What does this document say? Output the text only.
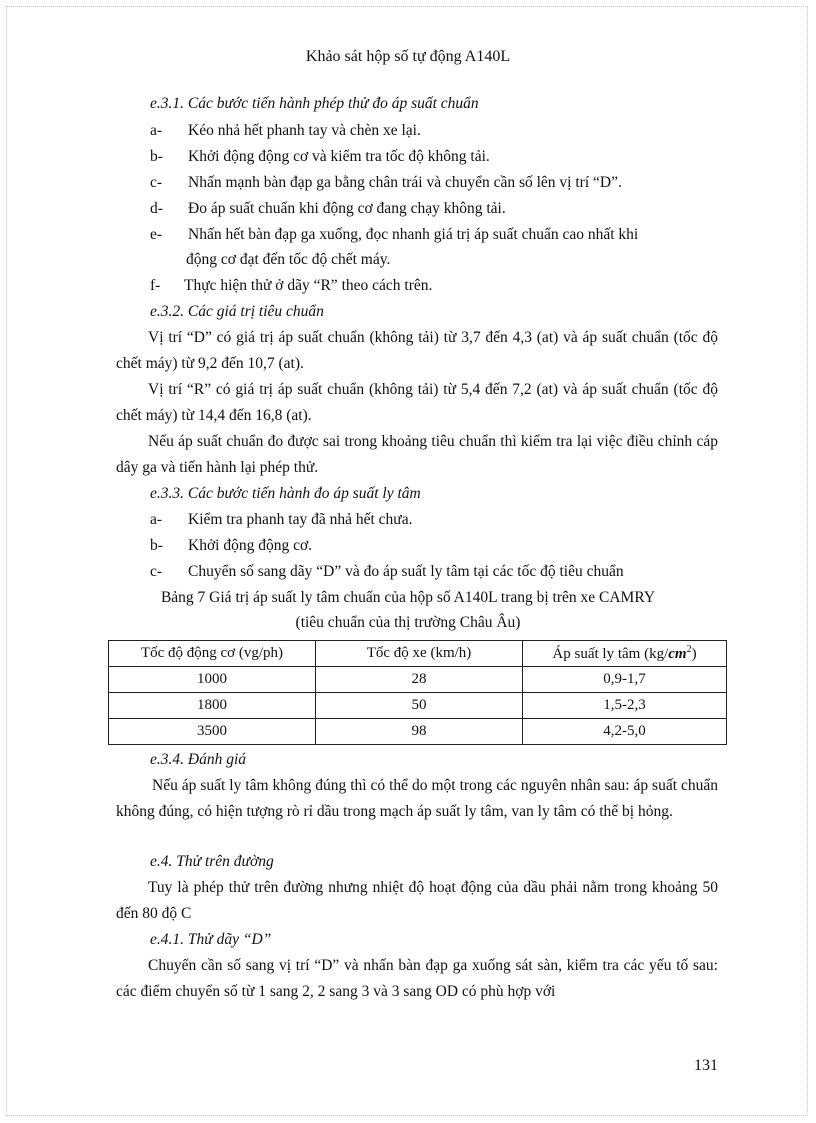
Khảo sát hộp số tự động A140L
e.3.1. Các bước tiến hành phép thử đo áp suất chuẩn
a- Kéo nhả hết phanh tay và chèn xe lại.
b- Khởi động động cơ và kiểm tra tốc độ không tải.
c- Nhấn mạnh bàn đạp ga bằng chân trái và chuyển cần số lên vị trí “D”.
d- Đo áp suất chuẩn khi động cơ đang chạy không tải.
e- Nhấn hết bàn đạp ga xuống, đọc nhanh giá trị áp suất chuẩn cao nhất khi
động cơ đạt đến tốc độ chết máy.
f- Thực hiện thử ở dãy “R” theo cách trên.
e.3.2. Các giá trị tiêu chuẩn
Vị trí “D” có giá trị áp suất chuẩn (không tải) từ 3,7 đến 4,3 (at) và áp suất chuẩn (tốc độ chết máy) từ 9,2 đến 10,7 (at).
Vị trí “R” có giá trị áp suất chuẩn (không tải) từ 5,4 đến 7,2 (at) và áp suất chuẩn (tốc độ chết máy) từ 14,4 đến 16,8 (at).
Nếu áp suất chuẩn đo được sai trong khoảng tiêu chuẩn thì kiểm tra lại việc điều chỉnh cáp dây ga và tiến hành lại phép thử.
e.3.3. Các bước tiến hành đo áp suất ly tâm
a- Kiểm tra phanh tay đã nhả hết chưa.
b- Khởi động động cơ.
c- Chuyển số sang dãy “D” và đo áp suất ly tâm tại các tốc độ tiêu chuẩn
Bảng 7 Giá trị áp suất ly tâm chuẩn của hộp số A140L trang bị trên xe CAMRY
(tiêu chuẩn của thị trường Châu Âu)
Tốc độ động cơ (vg/ph)	Tốc độ xe (km/h)	Áp suất ly tâm $(kg/cm^2)$
1000	28	0,9-1,7
1800	50	1,5-2,3
3500	98	4,2-5,0
e.3.4. Đánh giá
Nếu áp suất ly tâm không đúng thì có thể do một trong các nguyên nhân sau: áp suất chuẩn không đúng, có hiện tượng rò rỉ dầu trong mạch áp suất ly tâm, van ly tâm có thể bị hỏng.
e.4. Thử trên đường
Tuy là phép thử trên đường nhưng nhiệt độ hoạt động của dầu phải nằm trong khoảng 50 đến 80 độ C
e.4.1. Thử dãy “D”
Chuyển cần số sang vị trí “D” và nhấn bàn đạp ga xuống sát sàn, kiểm tra các yếu tố sau: các điểm chuyển số từ 1 sang 2, 2 sang 3 và 3 sang OD có phù hợp với
131
